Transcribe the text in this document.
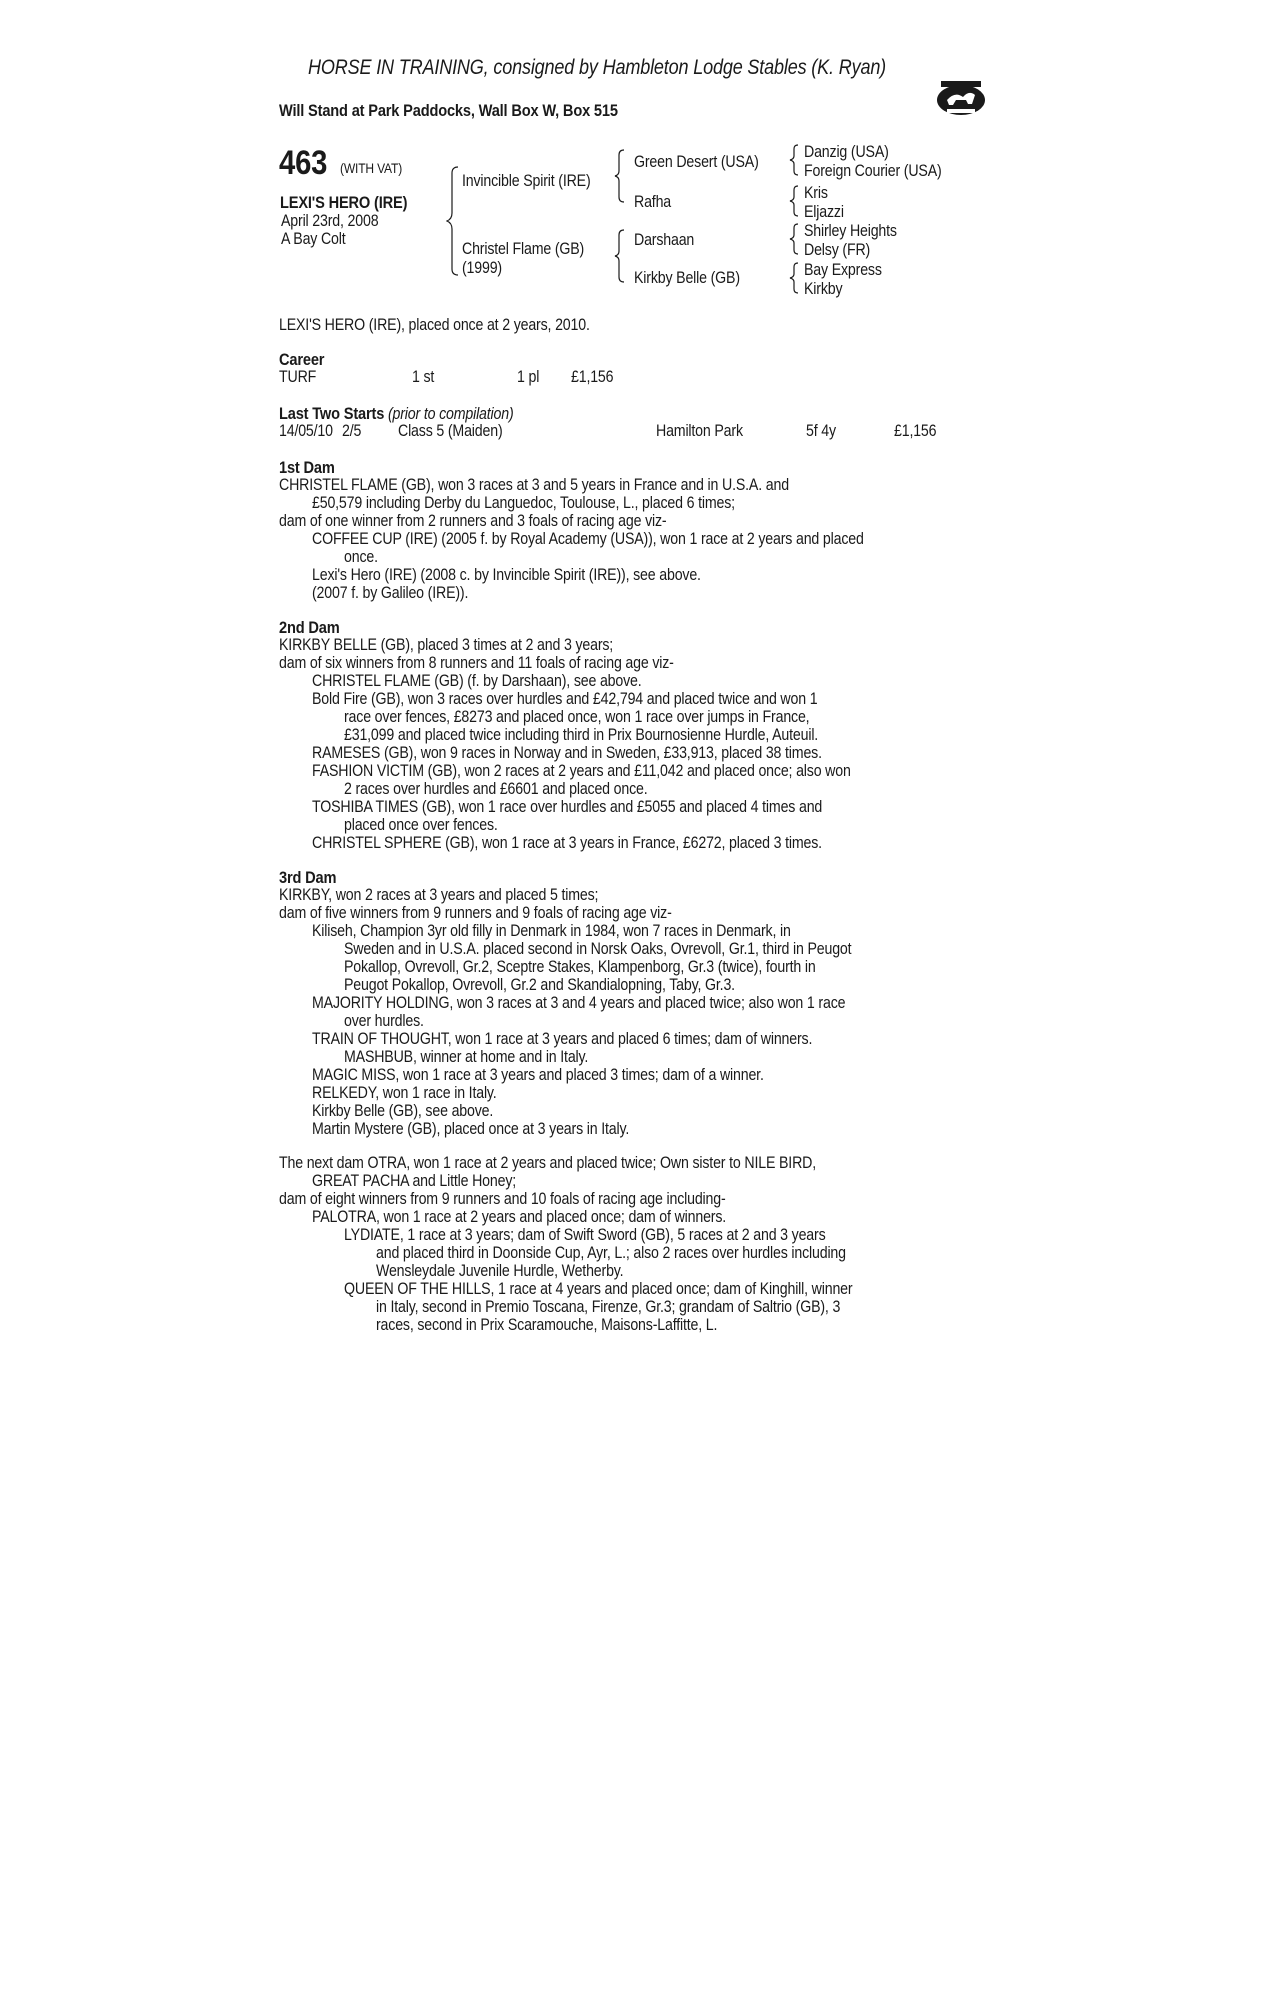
HORSE IN TRAINING, consigned by Hambleton Lodge Stables (K. Ryan)
Will Stand at Park Paddocks, Wall Box W, Box 515
463 (WITH VAT)
LEXI'S HERO (IRE)
April 23rd, 2008
A Bay Colt
Invincible Spirit (IRE)
Christel Flame (GB)
(1999)
Green Desert (USA)
Rafha
Darshaan
Kirkby Belle (GB)
Danzig (USA)
Foreign Courier (USA)
Kris
Eljazzi
Shirley Heights
Delsy (FR)
Bay Express
Kirkby
LEXI'S HERO (IRE), placed once at 2 years, 2010.
Career
TURF	1 st	1 pl £1,156
Last Two Starts (prior to compilation)
14/05/10 2/5 Class 5 (Maiden)	Hamilton Park	5f 4y	£1,156
1st Dam
CHRISTEL FLAME (GB), won 3 races at 3 and 5 years in France and in U.S.A. and
£50,579 including Derby du Languedoc, Toulouse, L., placed 6 times;
dam of one winner from 2 runners and 3 foals of racing age viz-
COFFEE CUP (IRE) (2005 f. by Royal Academy (USA)), won 1 race at 2 years and placed
once.
Lexi's Hero (IRE) (2008 c. by Invincible Spirit (IRE)), see above.
(2007 f. by Galileo (IRE)).
2nd Dam
KIRKBY BELLE (GB), placed 3 times at 2 and 3 years;
dam of six winners from 8 runners and 11 foals of racing age viz-
CHRISTEL FLAME (GB) (f. by Darshaan), see above.
Bold Fire (GB), won 3 races over hurdles and £42,794 and placed twice and won 1
race over fences, £8273 and placed once, won 1 race over jumps in France,
£31,099 and placed twice including third in Prix Bournosienne Hurdle, Auteuil.
RAMESES (GB), won 9 races in Norway and in Sweden, £33,913, placed 38 times.
FASHION VICTIM (GB), won 2 races at 2 years and £11,042 and placed once; also won
2 races over hurdles and £6601 and placed once.
TOSHIBA TIMES (GB), won 1 race over hurdles and £5055 and placed 4 times and
placed once over fences.
CHRISTEL SPHERE (GB), won 1 race at 3 years in France, £6272, placed 3 times.
3rd Dam
KIRKBY, won 2 races at 3 years and placed 5 times;
dam of five winners from 9 runners and 9 foals of racing age viz-
Kiliseh, Champion 3yr old filly in Denmark in 1984, won 7 races in Denmark, in
Sweden and in U.S.A. placed second in Norsk Oaks, Ovrevoll, Gr.1, third in Peugot
Pokallop, Ovrevoll, Gr.2, Sceptre Stakes, Klampenborg, Gr.3 (twice), fourth in
Peugot Pokallop, Ovrevoll, Gr.2 and Skandialopning, Taby, Gr.3.
MAJORITY HOLDING, won 3 races at 3 and 4 years and placed twice; also won 1 race
over hurdles.
TRAIN OF THOUGHT, won 1 race at 3 years and placed 6 times; dam of winners.
MASHBUB, winner at home and in Italy.
MAGIC MISS, won 1 race at 3 years and placed 3 times; dam of a winner.
RELKEDY, won 1 race in Italy.
Kirkby Belle (GB), see above.
Martin Mystere (GB), placed once at 3 years in Italy.
The next dam OTRA, won 1 race at 2 years and placed twice; Own sister to NILE BIRD,
GREAT PACHA and Little Honey;
dam of eight winners from 9 runners and 10 foals of racing age including-
PALOTRA, won 1 race at 2 years and placed once; dam of winners.
LYDIATE, 1 race at 3 years; dam of Swift Sword (GB), 5 races at 2 and 3 years
and placed third in Doonside Cup, Ayr, L.; also 2 races over hurdles including
Wensleydale Juvenile Hurdle, Wetherby.
QUEEN OF THE HILLS, 1 race at 4 years and placed once; dam of Kinghill, winner
in Italy, second in Premio Toscana, Firenze, Gr.3; grandam of Saltrio (GB), 3
races, second in Prix Scaramouche, Maisons-Laffitte, L.
